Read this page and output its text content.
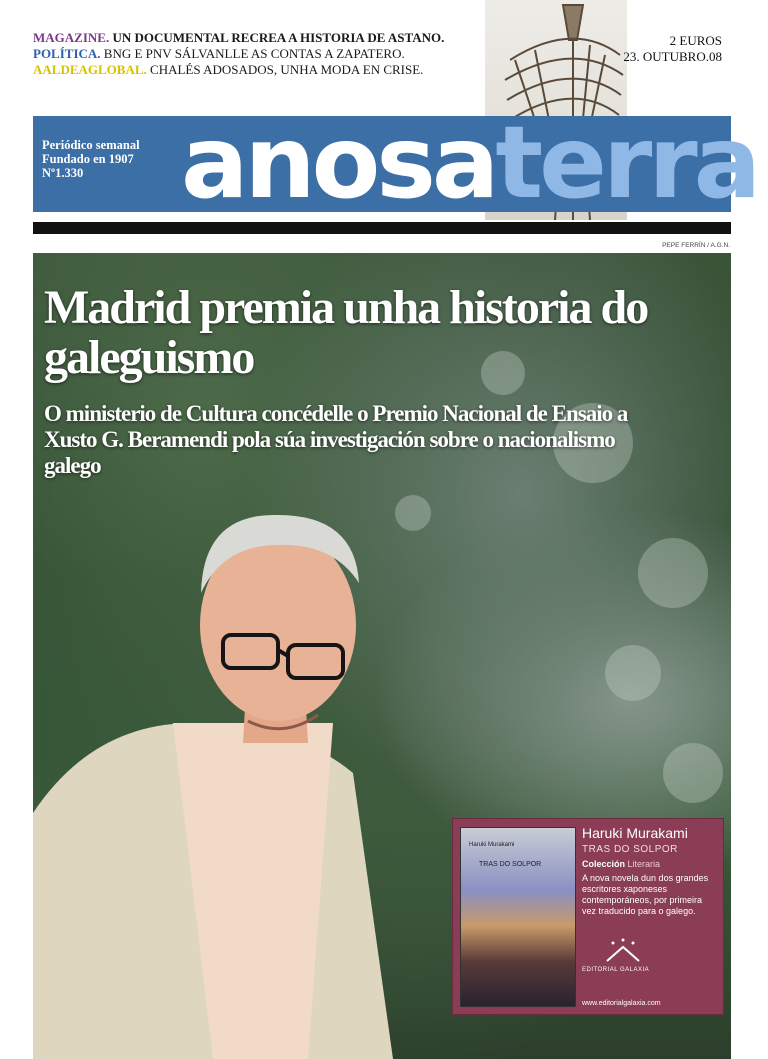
MAGAZINE. UN DOCUMENTAL RECREA A HISTORIA DE ASTANO.
POLÍTICA. BNG E PNV SÁLVANLLE AS CONTAS A ZAPATERO.
AALDEAGLOBAL. CHALÉS ADOSADOS, UNHA MODA EN CRISE.
2 EUROS
23. OUTUBRO.08
Periódico semanal
Fundado en 1907
Nº1.330 anosaterra
PEPE FERRÍN / A.G.N.
Madrid premia unha historia do galeguismo

O ministerio de Cultura concédelle o Premio Nacional de Ensaio a Xusto G. Beramendi pola súa investigación sobre o nacionalismo galego

Haruki Murakami
TRAS DO SOLPOR
Haruki Murakami
TRAS DO SOLPOR
Colección Literaria
A nova novela dun dos grandes escritores xaponeses contemporáneos, por primeira vez traducido para o galego.
EDITORIAL GALAXIA
www.editorialgalaxia.com
